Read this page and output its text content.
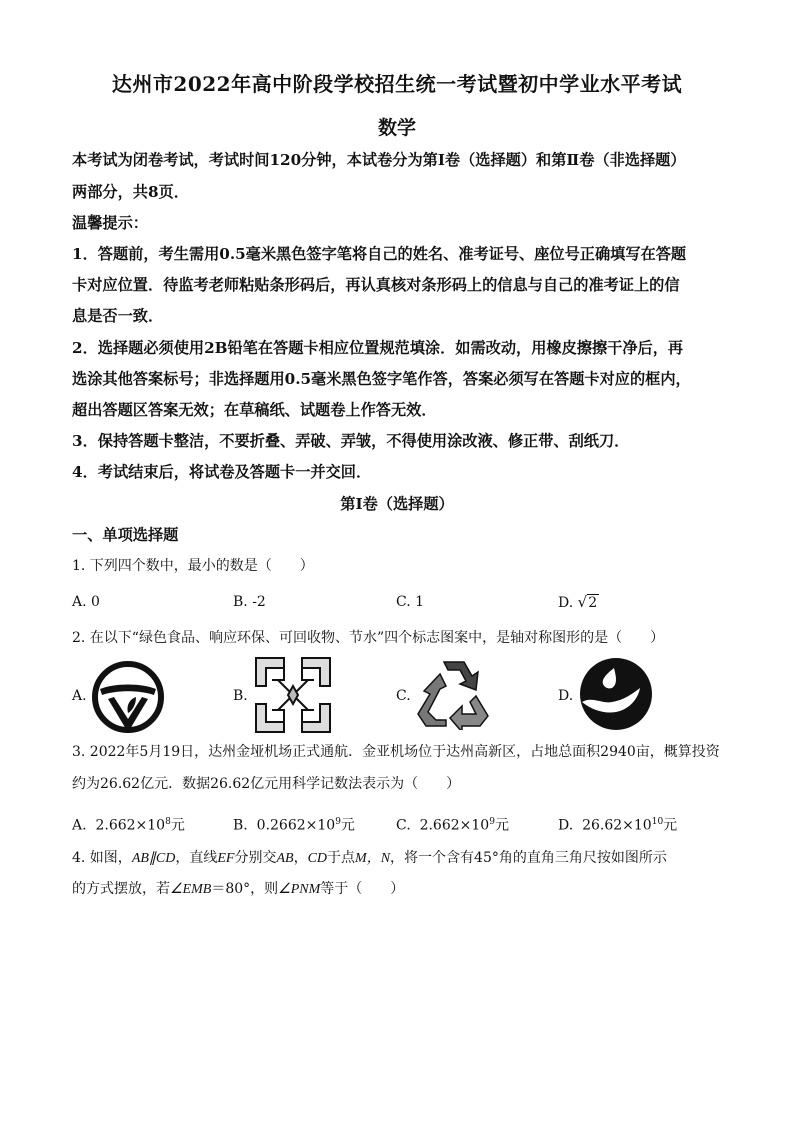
达州市2022年高中阶段学校招生统一考试暨初中学业水平考试
数学
本考试为闭卷考试，考试时间120分钟，本试卷分为第Ⅰ卷（选择题）和第Ⅱ卷（非选择题）
两部分，共8页．
温馨提示：
1．答题前，考生需用0.5毫米黑色签字笔将自己的姓名、准考证号、座位号正确填写在答题
卡对应位置．待监考老师粘贴条形码后，再认真核对条形码上的信息与自己的准考证上的信
息是否一致．
2．选择题必须使用2B铅笔在答题卡相应位置规范填涂．如需改动，用橡皮擦擦干净后，再
选涂其他答案标号；非选择题用0.5毫米黑色签字笔作答，答案必须写在答题卡对应的框内，
超出答题区答案无效；在草稿纸、试题卷上作答无效．
3．保持答题卡整洁，不要折叠、弄破、弄皱，不得使用涂改液、修正带、刮纸刀．
4．考试结束后，将试卷及答题卡一并交回．
第Ⅰ卷（选择题）
一、单项选择题
1. 下列四个数中，最小的数是（　　）
A. 0	B. -2	C. 1	D. √2
2. 在以下“绿色食品、响应环保、可回收物、节水”四个标志图案中，是轴对称图形的是（　　）
A.	B.	C.	D.
3. 2022年5月19日，达州金垭机场正式通航．金亚机场位于达州高新区，占地总面积2940亩，概算投资
约为26.62亿元．数据26.62亿元用科学记数法表示为（　　）
A. $2.662\times 10^8$元	B. $0.2662\times 10^9$元	C. $2.662\times 10^9$元	D. $26.62\times 10^{10}$元
4. 如图，AB∥CD，直线EF分别交AB，CD于点M，N，将一个含有45°角的直角三角尺按如图所示
的方式摆放，若∠EMB＝80°，则∠PNM等于（　　）
